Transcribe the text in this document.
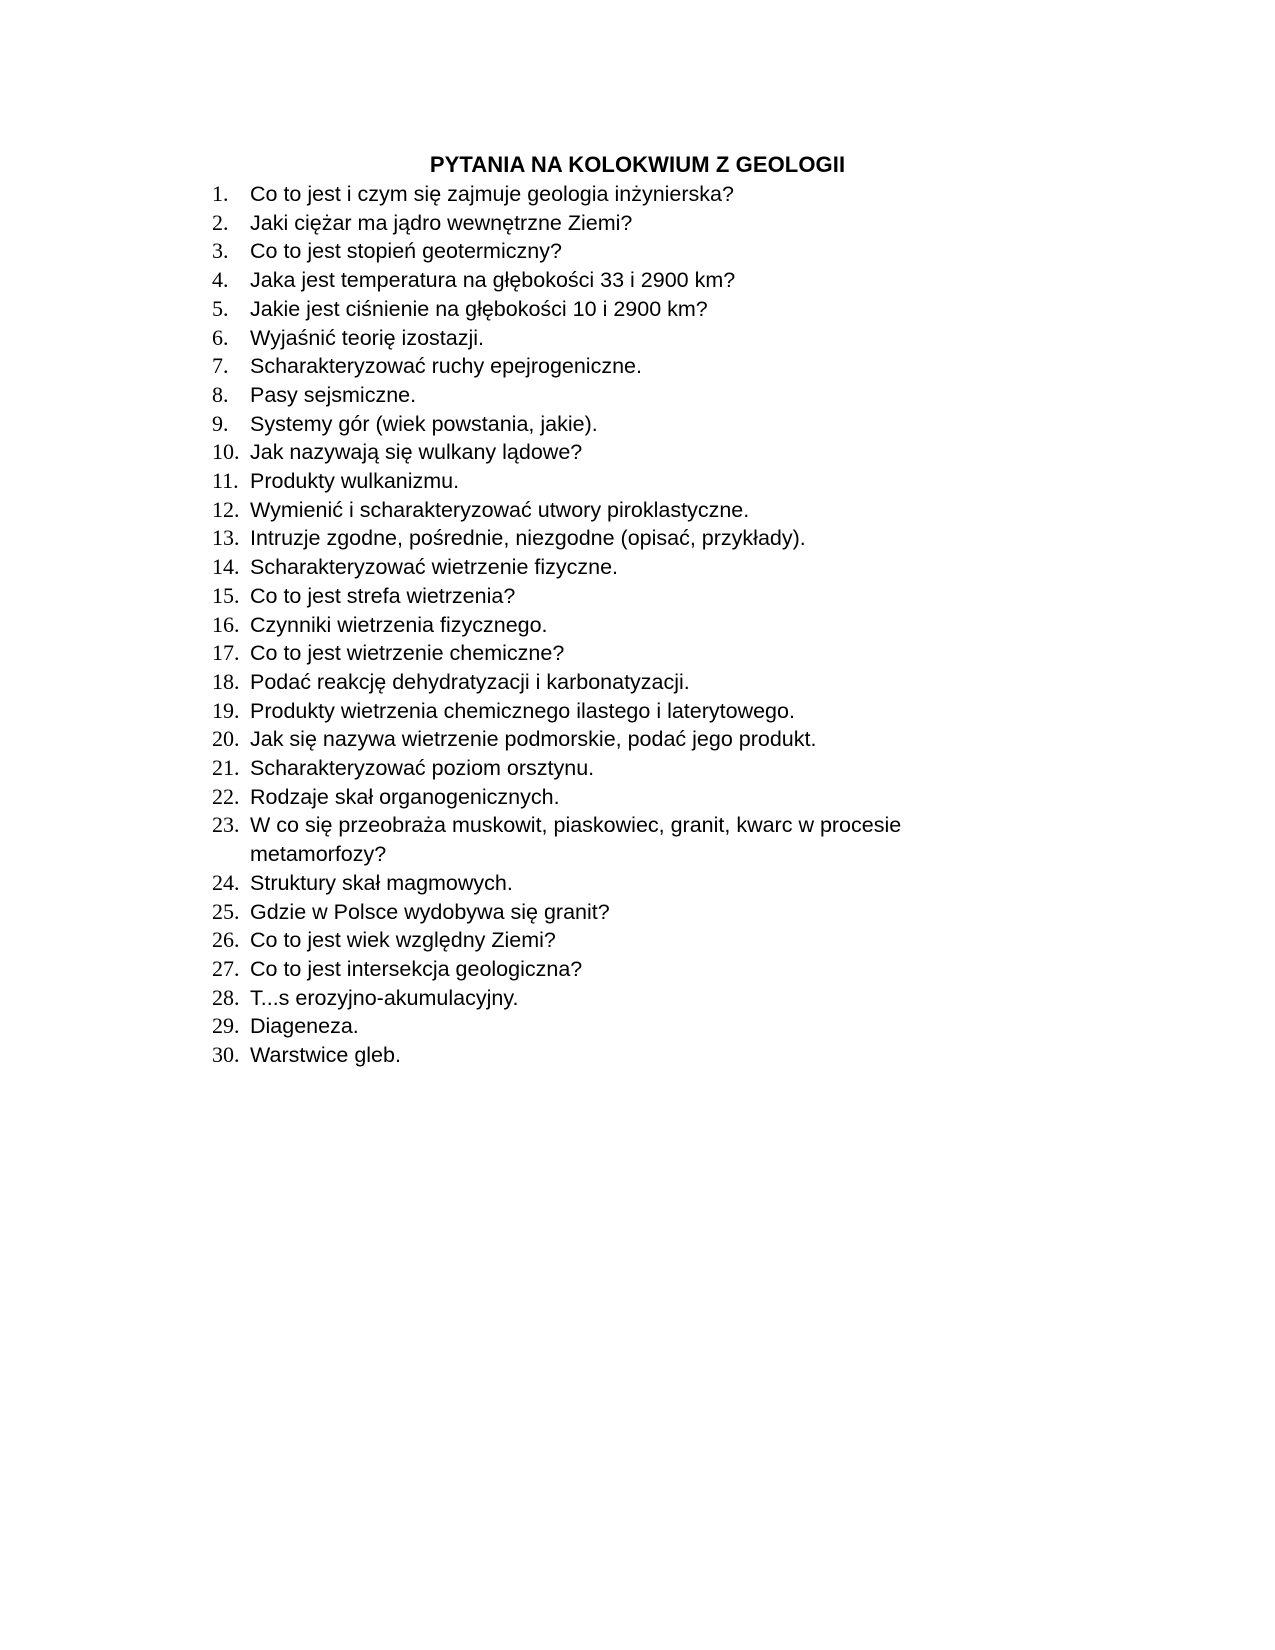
PYTANIA NA KOLOKWIUM Z GEOLOGII
1.	Co to jest i czym się zajmuje geologia inżynierska?
2.	Jaki ciężar ma jądro wewnętrzne Ziemi?
3.	Co to jest stopień geotermiczny?
4.	Jaka jest temperatura na głębokości 33 i 2900 km?
5.	Jakie jest ciśnienie na głębokości 10 i 2900 km?
6.	Wyjaśnić teorię izostazji.
7.	Scharakteryzować ruchy epejrogeniczne.
8.	Pasy sejsmiczne.
9.	Systemy gór (wiek powstania, jakie).
10. Jak nazywają się wulkany lądowe?
11. Produkty wulkanizmu.
12. Wymienić i scharakteryzować utwory piroklastyczne.
13. Intruzje zgodne, pośrednie, niezgodne (opisać, przykłady).
14. Scharakteryzować wietrzenie fizyczne.
15. Co to jest strefa wietrzenia?
16. Czynniki wietrzenia fizycznego.
17. Co to jest wietrzenie chemiczne?
18. Podać reakcję dehydratyzacji i karbonatyzacji.
19. Produkty wietrzenia chemicznego ilastego i laterytowego.
20. Jak się nazywa wietrzenie podmorskie, podać jego produkt.
21. Scharakteryzować poziom orsztynu.
22. Rodzaje skał organogenicznych.
23. W co się przeobraża muskowit, piaskowiec, granit, kwarc w procesie metamorfozy?
24. Struktury skał magmowych.
25. Gdzie w Polsce wydobywa się granit?
26. Co to jest wiek względny Ziemi?
27. Co to jest intersekcja geologiczna?
28. T...s erozyjno-akumulacyjny.
29. Diageneza.
30. Warstwice gleb.
